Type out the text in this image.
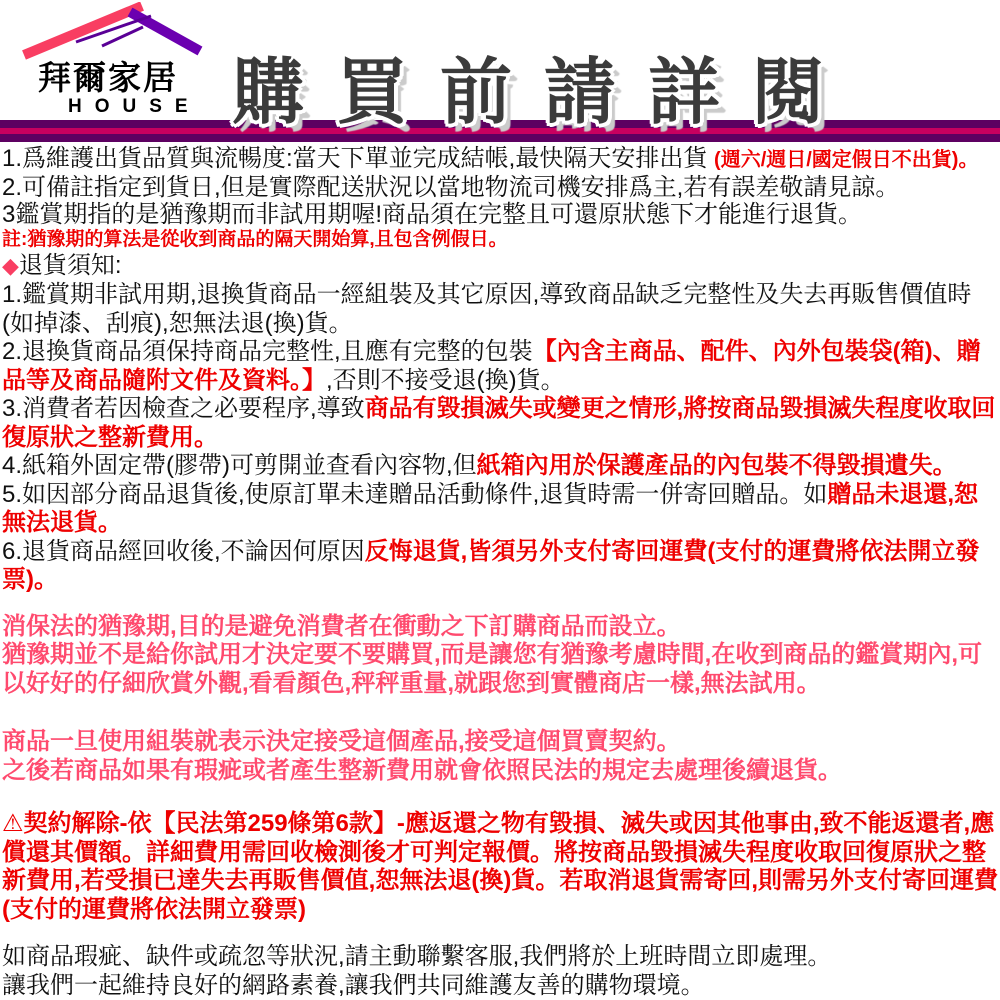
拜爾家居
HOUSE 購買前請詳閱

1.爲維護出貨品質與流暢度:當天下單並完成結帳,最快隔天安排出貨 (週六/週日/國定假日不出貨)。

2.可備註指定到貨日,但是實際配送狀況以當地物流司機安排爲主,若有誤差敬請見諒。

3鑑賞期指的是猶豫期而非試用期喔!商品須在完整且可還原狀態下才能進行退貨。

註:猶豫期的算法是從收到商品的隔天開始算,且包含例假日。

◆退貨須知:

1.鑑賞期非試用期,退換貨商品一經組裝及其它原因,導致商品缺乏完整性及失去再販售價值時(如掉漆、刮痕),恕無法退(換)貨。

2.退換貨商品須保持商品完整性,且應有完整的包裝【內含主商品、配件、內外包裝袋(箱)、贈品等及商品隨附文件及資料。】,否則不接受退(換)貨。

3.消費者若因檢查之必要程序,導致商品有毀損滅失或變更之情形,將按商品毀損滅失程度收取回復原狀之整新費用。

4.紙箱外固定帶(膠帶)可剪開並查看內容物,但紙箱內用於保護產品的內包裝不得毀損遺失。

5.如因部分商品退貨後,使原訂單未達贈品活動條件,退貨時需一併寄回贈品。如贈品未退還,恕無法退貨。

6.退貨商品經回收後,不論因何原因反悔退貨,皆須另外支付寄回運費(支付的運費將依法開立發票)。

消保法的猶豫期,目的是避免消費者在衝動之下訂購商品而設立。

猶豫期並不是給你試用才決定要不要購買,而是讓您有猶豫考慮時間,在收到商品的鑑賞期內,可以好好的仔細欣賞外觀,看看顏色,秤秤重量,就跟您到實體商店一樣,無法試用。

商品一旦使用組裝就表示決定接受這個產品,接受這個買賣契約。

之後若商品如果有瑕疵或者產生整新費用就會依照民法的規定去處理後續退貨。

⚠契約解除-依【民法第259條第6款】-應返還之物有毀損、滅失或因其他事由,致不能返還者,應償還其價額。詳細費用需回收檢測後才可判定報價。將按商品毀損滅失程度收取回復原狀之整新費用,若受損已達失去再販售價值,恕無法退(換)貨。若取消退貨需寄回,則需另外支付寄回運費(支付的運費將依法開立發票)

如商品瑕疵、缺件或疏忽等狀況,請主動聯繫客服,我們將於上班時間立即處理。

讓我們一起維持良好的網路素養,讓我們共同維護友善的購物環境。
